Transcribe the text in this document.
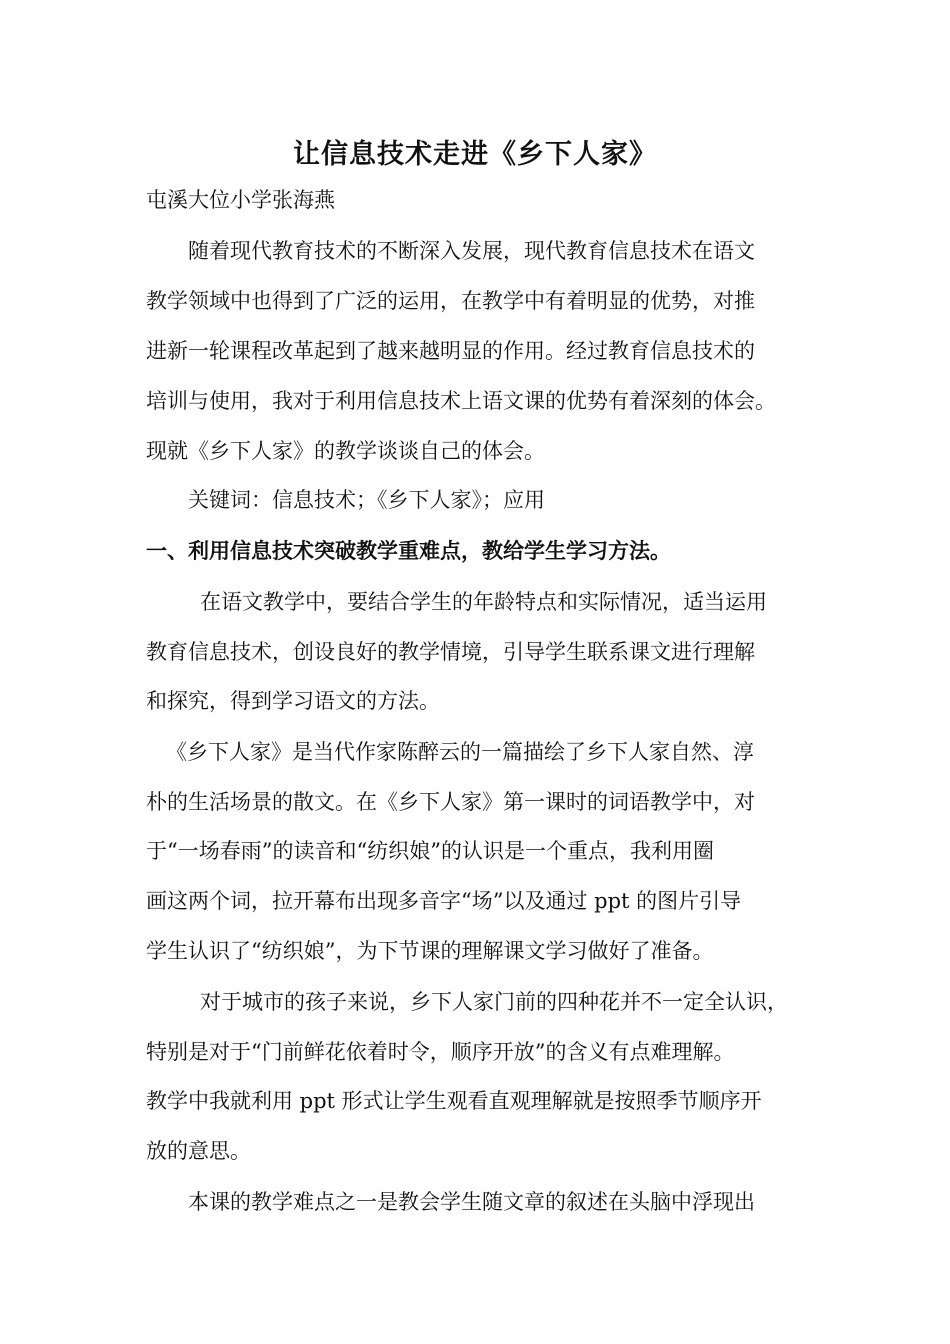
让信息技术走进《乡下人家》
屯溪大位小学张海燕
随着现代教育技术的不断深入发展，现代教育信息技术在语文
教学领域中也得到了广泛的运用，在教学中有着明显的优势，对推
进新一轮课程改革起到了越来越明显的作用。经过教育信息技术的
培训与使用，我对于利用信息技术上语文课的优势有着深刻的体会。
现就《乡下人家》的教学谈谈自己的体会。
关键词：信息技术；《乡下人家》；应用
一、利用信息技术突破教学重难点，教给学生学习方法。
在语文教学中，要结合学生的年龄特点和实际情况，适当运用
教育信息技术，创设良好的教学情境，引导学生联系课文进行理解
和探究，得到学习语文的方法。
《乡下人家》是当代作家陈醉云的一篇描绘了乡下人家自然、淳
朴的生活场景的散文。在《乡下人家》第一课时的词语教学中，对
于“一场春雨”的读音和“纺织娘”的认识是一个重点，我利用圈
画这两个词，拉开幕布出现多音字“场”以及通过 ppt 的图片引导
学生认识了“纺织娘”，为下节课的理解课文学习做好了准备。
对于城市的孩子来说，乡下人家门前的四种花并不一定全认识，
特别是对于“门前鲜花依着时令，顺序开放”的含义有点难理解。
教学中我就利用 ppt 形式让学生观看直观理解就是按照季节顺序开
放的意思。
本课的教学难点之一是教会学生随文章的叙述在头脑中浮现出
